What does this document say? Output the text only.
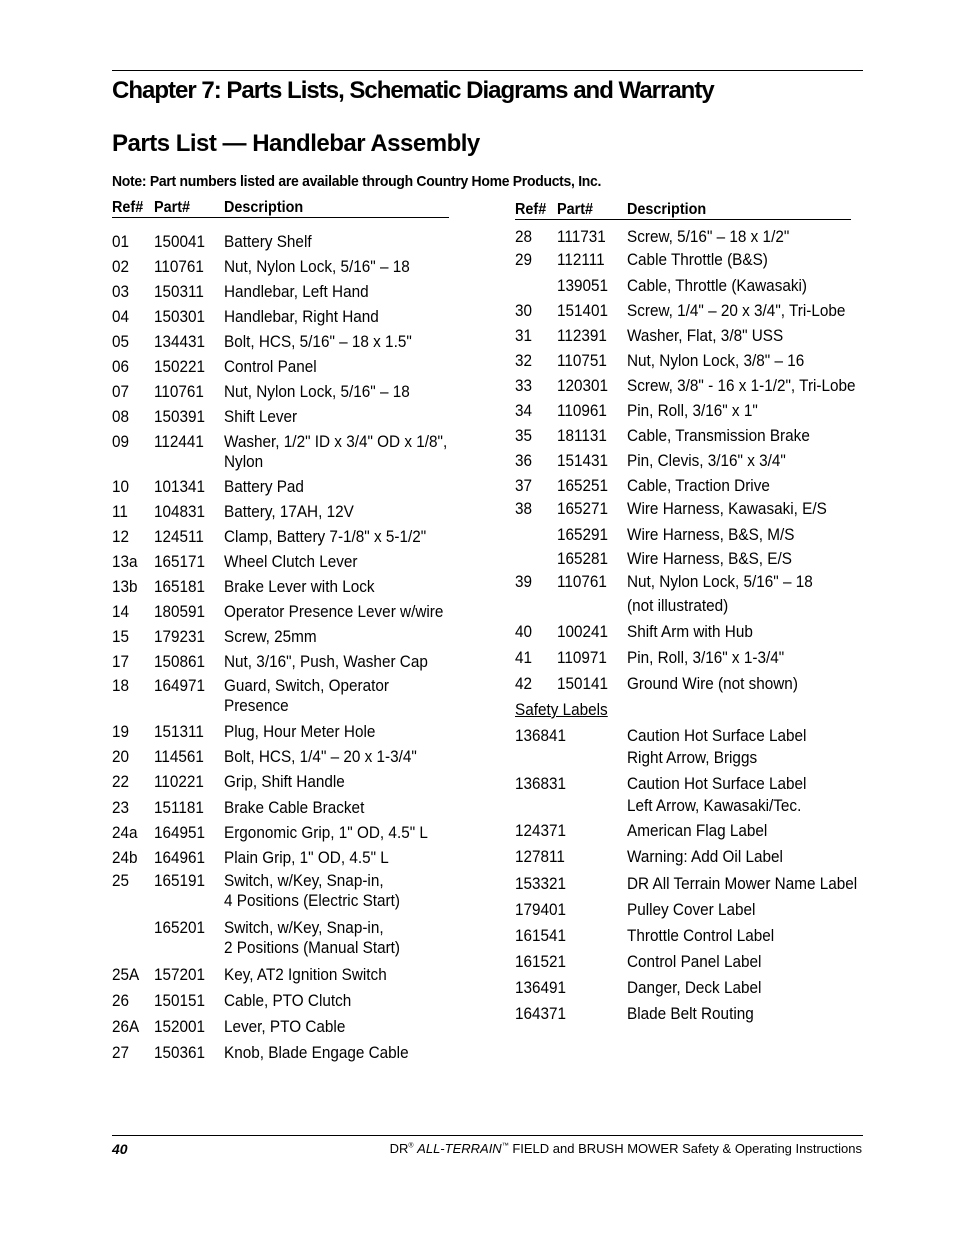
Chapter 7: Parts Lists, Schematic Diagrams and Warranty
Parts List — Handlebar Assembly
Note: Part numbers listed are available through Country Home Products, Inc.
Ref# Part# Description
01 150041 Battery Shelf
02 110761 Nut, Nylon Lock, 5/16" – 18
03 150311 Handlebar, Left Hand
04 150301 Handlebar, Right Hand
05 134431 Bolt, HCS, 5/16" – 18 x 1.5"
06 150221 Control Panel
07 110761 Nut, Nylon Lock, 5/16" – 18
08 150391 Shift Lever
09 112441 Washer, 1/2" ID x 3/4" OD x 1/8",
Nylon
10 101341 Battery Pad
11 104831 Battery, 17AH, 12V
12 124511 Clamp, Battery 7-1/8" x 5-1/2"
13a 165171 Wheel Clutch Lever
13b 165181 Brake Lever with Lock
14 180591 Operator Presence Lever w/wire
15 179231 Screw, 25mm
17 150861 Nut, 3/16", Push, Washer Cap
18 164971 Guard, Switch, Operator
Presence
19 151311 Plug, Hour Meter Hole
20 114561 Bolt, HCS, 1/4" – 20 x 1-3/4"
22 110221 Grip, Shift Handle
23 151181 Brake Cable Bracket
24a 164951 Ergonomic Grip, 1" OD, 4.5" L
24b 164961 Plain Grip, 1" OD, 4.5" L
25 165191 Switch, w/Key, Snap-in,
4 Positions (Electric Start)
165201 Switch, w/Key, Snap-in,
2 Positions (Manual Start)
25A 157201 Key, AT2 Ignition Switch
26 150151 Cable, PTO Clutch
26A 152001 Lever, PTO Cable
27 150361 Knob, Blade Engage Cable
Ref# Part# Description
28 111731 Screw, 5/16" – 18 x 1/2"
29 112111 Cable Throttle (B&S)
139051 Cable, Throttle (Kawasaki)
30 151401 Screw, 1/4" – 20 x 3/4", Tri-Lobe
31 112391 Washer, Flat, 3/8" USS
32 110751 Nut, Nylon Lock, 3/8" – 16
33 120301 Screw, 3/8" - 16 x 1-1/2", Tri-Lobe
34 110961 Pin, Roll, 3/16" x 1"
35 181131 Cable, Transmission Brake
36 151431 Pin, Clevis, 3/16" x 3/4"
37 165251 Cable, Traction Drive
38 165271 Wire Harness, Kawasaki, E/S
165291 Wire Harness, B&S, M/S
165281 Wire Harness, B&S, E/S
39 110761 Nut, Nylon Lock, 5/16" – 18
(not illustrated)
40 100241 Shift Arm with Hub
41 110971 Pin, Roll, 3/16" x 1-3/4"
42 150141 Ground Wire (not shown)
Safety Labels
136841	Caution Hot Surface Label
Right Arrow, Briggs
136831	Caution Hot Surface Label
Left Arrow, Kawasaki/Tec.
124371	American Flag Label
127811	Warning: Add Oil Label
153321	DR All Terrain Mower Name Label
179401	Pulley Cover Label
161541	Throttle Control Label
161521	Control Panel Label
136491	Danger, Deck Label
164371	Blade Belt Routing
40	DR® ALL-TERRAIN™ FIELD and BRUSH MOWER Safety & Operating Instructions
